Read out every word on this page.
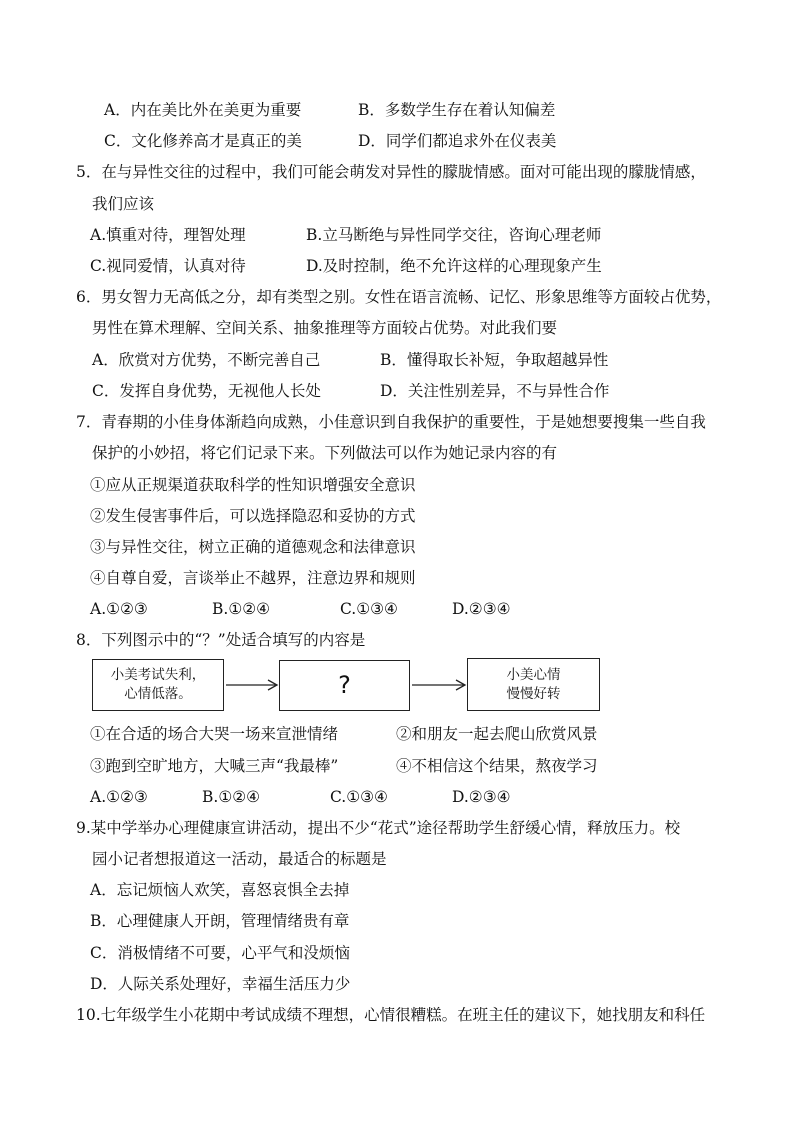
A．内在美比外在美更为重要	B．多数学生存在着认知偏差
C．文化修养高才是真正的美	D．同学们都追求外在仪表美
5．在与异性交往的过程中，我们可能会萌发对异性的朦胧情感。面对可能出现的朦胧情感，
我们应该
A.慎重对待，理智处理	B.立马断绝与异性同学交往，咨询心理老师
C.视同爱情，认真对待	D.及时控制，绝不允许这样的心理现象产生
6．男女智力无高低之分，却有类型之别。女性在语言流畅、记忆、形象思维等方面较占优势，
男性在算术理解、空间关系、抽象推理等方面较占优势。对此我们要
A．欣赏对方优势，不断完善自己	B．懂得取长补短，争取超越异性
C．发挥自身优势，无视他人长处	D．关注性别差异，不与异性合作
7．青春期的小佳身体渐趋向成熟，小佳意识到自我保护的重要性，于是她想要搜集一些自我
保护的小妙招，将它们记录下来。下列做法可以作为她记录内容的有
①应从正规渠道获取科学的性知识增强安全意识
②发生侵害事件后，可以选择隐忍和妥协的方式
③与异性交往，树立正确的道德观念和法律意识
④自尊自爱，言谈举止不越界，注意边界和规则
A.①②③	B.①②④	C.①③④	D.②③④
8．下列图示中的“？”处适合填写的内容是
小美考试失利，
心情低落。	?	小美心情
慢慢好转
①在合适的场合大哭一场来宣泄情绪	②和朋友一起去爬山欣赏风景
③跑到空旷地方，大喊三声“我最棒”	④不相信这个结果，熬夜学习
A.①②③	B.①②④	C.①③④	D.②③④
9.某中学举办心理健康宣讲活动，提出不少“花式”途径帮助学生舒缓心情，释放压力。校
园小记者想报道这一活动，最适合的标题是
A．忘记烦恼人欢笑，喜怒哀惧全去掉
B．心理健康人开朗，管理情绪贵有章
C．消极情绪不可要，心平气和没烦恼
D．人际关系处理好，幸福生活压力少
10.七年级学生小花期中考试成绩不理想，心情很糟糕。在班主任的建议下，她找朋友和科任
